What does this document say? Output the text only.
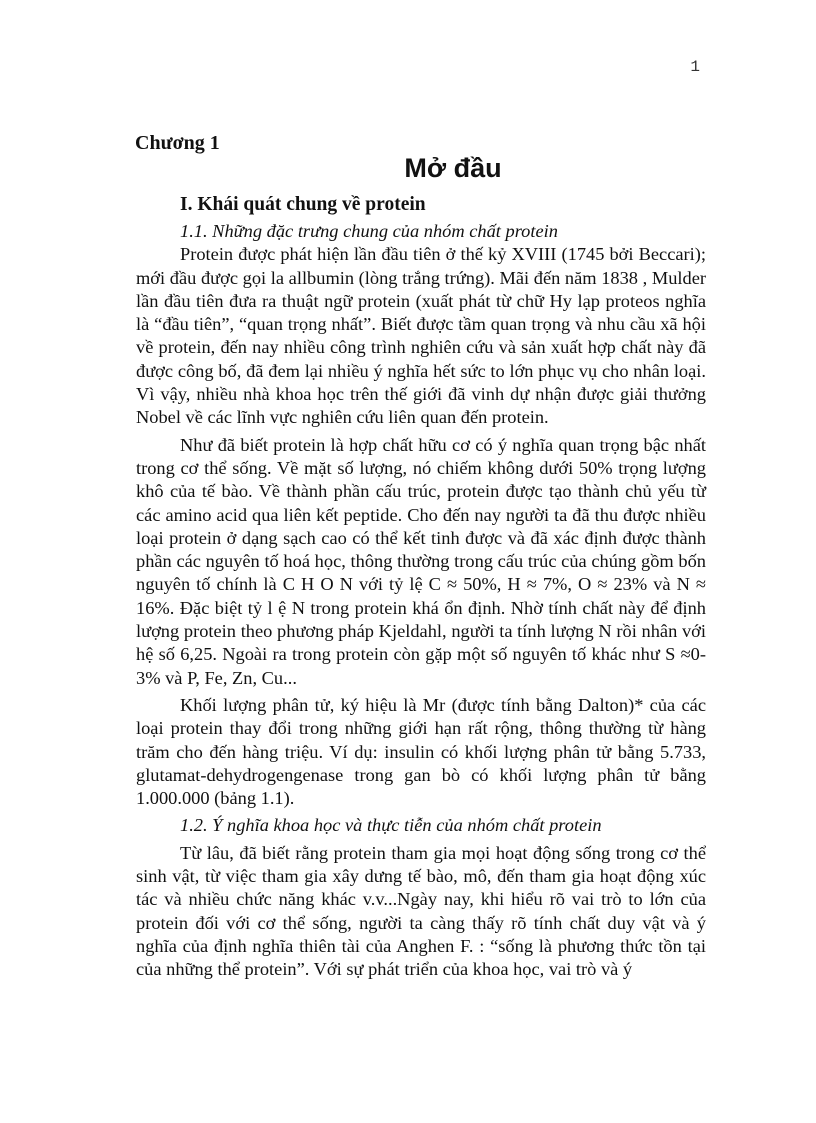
1
Chương 1
Mở đầu
I. Khái quát chung về protein

1.1. Những đặc trưng chung của nhóm chất protein

Protein được phát hiện lần đầu tiên ở thế kỷ XVIII (1745 bởi Beccari); mới đầu được gọi la allbumin (lòng trắng trứng). Mãi đến năm 1838 , Mulder lần đầu tiên đưa ra thuật ngữ protein (xuất phát từ chữ Hy lạp proteos nghĩa là “đầu tiên”, “quan trọng nhất”. Biết được tầm quan trọng và nhu cầu xã hội về protein, đến nay nhiều công trình nghiên cứu và sản xuất hợp chất này đã được công bố, đã đem lại nhiều ý nghĩa hết sức to lớn phục vụ cho nhân loại. Vì vậy, nhiều nhà khoa học trên thế giới đã vinh dự nhận được giải thưởng Nobel về các lĩnh vực nghiên cứu liên quan đến protein.

Như đã biết protein là hợp chất hữu cơ có ý nghĩa quan trọng bậc nhất trong cơ thể sống. Về mặt số lượng, nó chiếm không dưới 50% trọng lượng khô của tế bào. Về thành phần cấu trúc, protein được tạo thành chủ yếu từ các amino acid qua liên kết peptide. Cho đến nay người ta đã thu được nhiều loại protein ở dạng sạch cao có thể kết tinh được và đã xác định được thành phần các nguyên tố hoá học, thông thường trong cấu trúc của chúng gồm bốn nguyên tố chính là C H O N với tỷ lệ C ≈ 50%, H ≈ 7%, O ≈ 23% và N ≈ 16%. Đặc biệt tỷ l ệ N trong protein khá ổn định. Nhờ tính chất này để định lượng protein theo phương pháp Kjeldahl, người ta tính lượng N rồi nhân với hệ số 6,25. Ngoài ra trong protein còn gặp một số nguyên tố khác như S ≈0-3% và P, Fe, Zn, Cu...

Khối lượng phân tử, ký hiệu là Mr (được tính bằng Dalton)* của các loại protein thay đổi trong những giới hạn rất rộng, thông thường từ hàng trăm cho đến hàng triệu. Ví dụ: insulin có khối lượng phân tử bằng 5.733, glutamat-dehydrogengenase trong gan bò có khối lượng phân tử bằng 1.000.000 (bảng 1.1).

1.2. Ý nghĩa khoa học và thực tiễn của nhóm chất protein

Từ lâu, đã biết rằng protein tham gia mọi hoạt động sống trong cơ thể sinh vật, từ việc tham gia xây dưng tế bào, mô, đến tham gia hoạt động xúc tác và nhiều chức năng khác v.v...Ngày nay, khi hiểu rõ vai trò to lớn của protein đối với cơ thể sống, người ta càng thấy rõ tính chất duy vật và ý nghĩa của định nghĩa thiên tài của Anghen F. : “sống là phương thức tồn tại của những thể protein”. Với sự phát triển của khoa học, vai trò và ý
